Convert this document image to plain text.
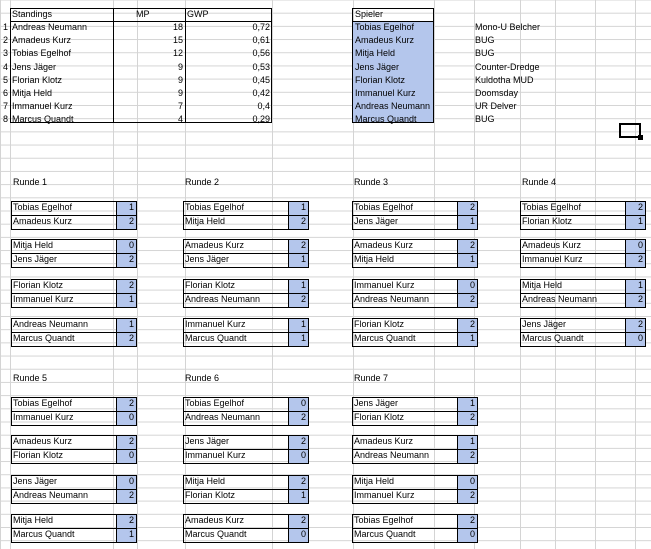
Standings	MP	GWP
1 Andreas Neumann	18	0,72
2 Amadeus Kurz	15	0,61
3 Tobias Egelhof	12	0,56
4 Jens Jäger	9	0,53
5 Florian Klotz	9	0,45
6 Mitja Held	9	0,42
7 Immanuel Kurz	7	0,4
8 Marcus Quandt	4	0,29
Spieler
Tobias Egelhof	Mono-U Belcher
Amadeus Kurz	BUG
Mitja Held	BUG
Jens Jäger	Counter-Dredge
Florian Klotz	Kuldotha MUD
Immanuel Kurz	Doomsday
Andreas Neumann	UR Delver
Marcus Quandt	BUG
Runde 1
Tobias Egelhof	1
Amadeus Kurz	2
Mitja Held	0
Jens Jäger	2
Florian Klotz	2
Immanuel Kurz	1
Andreas Neumann	1
Marcus Quandt	2
Runde 2
Tobias Egelhof	1
Mitja Held	2
Amadeus Kurz	2
Jens Jäger	1
Florian Klotz	1
Andreas Neumann	2
Immanuel Kurz	1
Marcus Quandt	1
Runde 3
Tobias Egelhof	2
Jens Jäger	1
Amadeus Kurz	2
Mitja Held	1
Immanuel Kurz	0
Andreas Neumann	2
Florian Klotz	2
Marcus Quandt	1
Runde 4
Tobias Egelhof	2
Florian Klotz	1
Amadeus Kurz	0
Immanuel Kurz	2
Mitja Held	1
Andreas Neumann	2
Jens Jäger	2
Marcus Quandt	0
Runde 5
Tobias Egelhof	2
Immanuel Kurz	0
Amadeus Kurz	2
Florian Klotz	0
Jens Jäger	0
Andreas Neumann	2
Mitja Held	2
Marcus Quandt	1
Runde 6
Tobias Egelhof	0
Andreas Neumann	2
Jens Jäger	2
Immanuel Kurz	0
Mitja Held	2
Florian Klotz	1
Amadeus Kurz	2
Marcus Quandt	0
Runde 7
Jens Jäger	1
Florian Klotz	2
Amadeus Kurz	1
Andreas Neumann	2
Mitja Held	0
Immanuel Kurz	2
Tobias Egelhof	2
Marcus Quandt	0
